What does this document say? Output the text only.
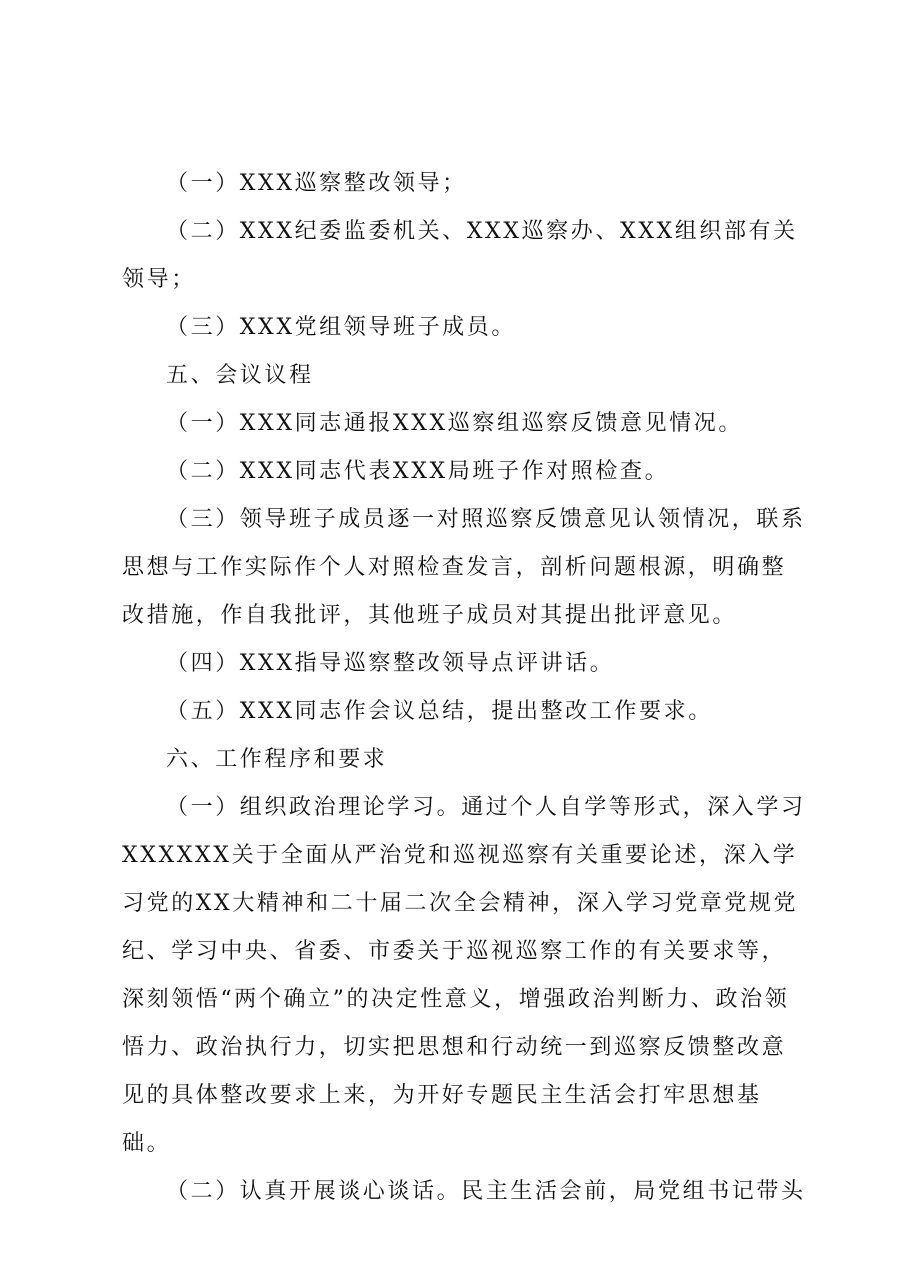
（一）XXX巡察整改领导；

（二）XXX纪委监委机关、XXX巡察办、XXX组织部有关领导；

（三）XXX党组领导班子成员。

五、会议议程

（一）XXX同志通报XXX巡察组巡察反馈意见情况。

（二）XXX同志代表XXX局班子作对照检查。

（三）领导班子成员逐一对照巡察反馈意见认领情况，联系思想与工作实际作个人对照检查发言，剖析问题根源，明确整改措施，作自我批评，其他班子成员对其提出批评意见。

（四）XXX指导巡察整改领导点评讲话。

（五）XXX同志作会议总结，提出整改工作要求。

六、工作程序和要求

（一）组织政治理论学习。通过个人自学等形式，深入学习XXXXXX关于全面从严治党和巡视巡察有关重要论述，深入学习党的XX大精神和二十届二次全会精神，深入学习党章党规党纪、学习中央、省委、市委关于巡视巡察工作的有关要求等，深刻领悟“两个确立”的决定性意义，增强政治判断力、政治领悟力、政治执行力，切实把思想和行动统一到巡察反馈整改意见的具体整改要求上来，为开好专题民主生活会打牢思想基础。

（二）认真开展谈心谈话。民主生活会前，局党组书记带头
